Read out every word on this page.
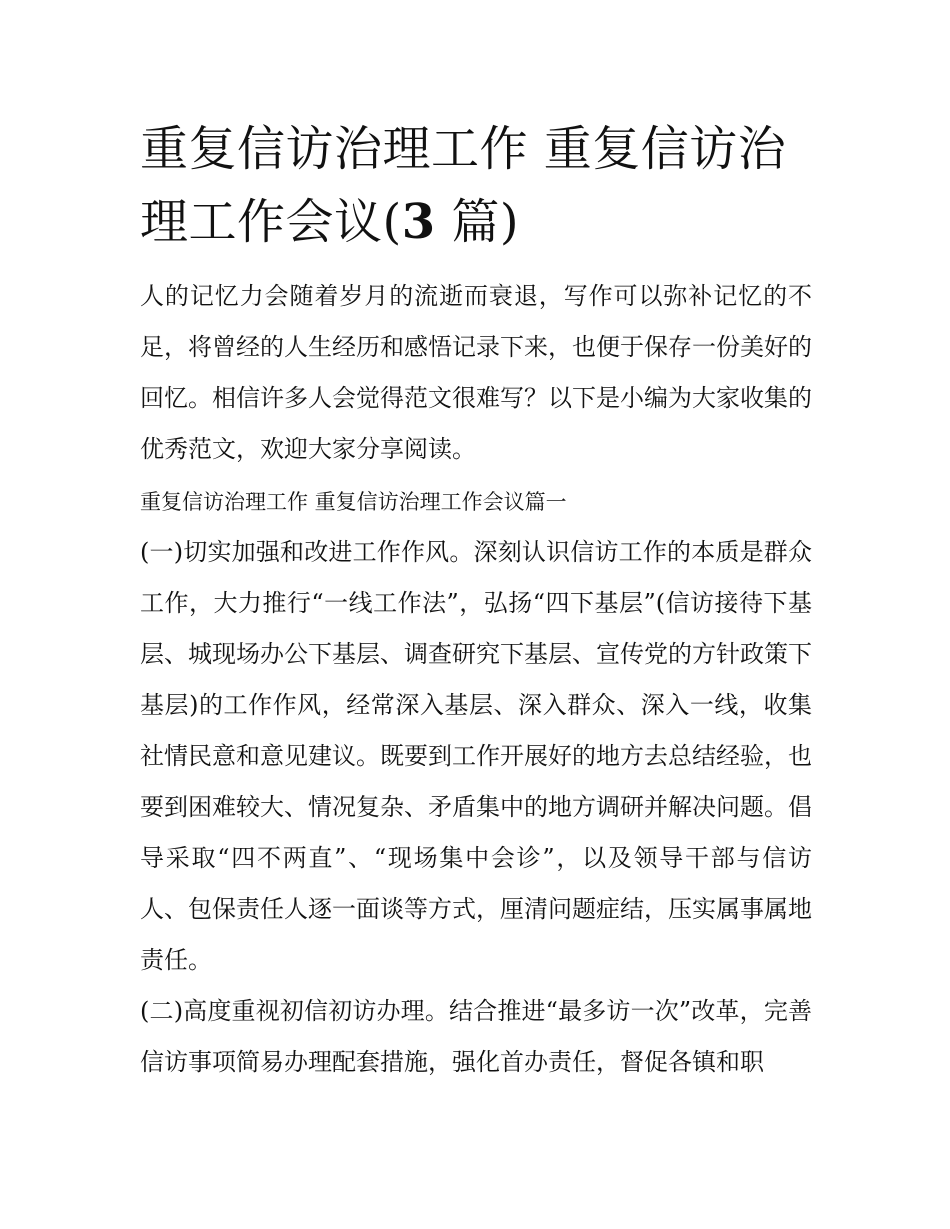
重复信访治理工作 重复信访治理工作会议(3 篇)

人的记忆力会随着岁月的流逝而衰退，写作可以弥补记忆的不足，将曾经的人生经历和感悟记录下来，也便于保存一份美好的回忆。相信许多人会觉得范文很难写？以下是小编为大家收集的优秀范文，欢迎大家分享阅读。

重复信访治理工作 重复信访治理工作会议篇一

(一)切实加强和改进工作作风。深刻认识信访工作的本质是群众工作，大力推行“一线工作法”，弘扬“四下基层”(信访接待下基层、城现场办公下基层、调查研究下基层、宣传党的方针政策下基层)的工作作风，经常深入基层、深入群众、深入一线，收集社情民意和意见建议。既要到工作开展好的地方去总结经验，也要到困难较大、情况复杂、矛盾集中的地方调研并解决问题。倡导采取“四不两直”、“现场集中会诊”，以及领导干部与信访人、包保责任人逐一面谈等方式，厘清问题症结，压实属事属地责任。

(二)高度重视初信初访办理。结合推进“最多访一次”改革，完善信访事项简易办理配套措施，强化首办责任，督促各镇和职
